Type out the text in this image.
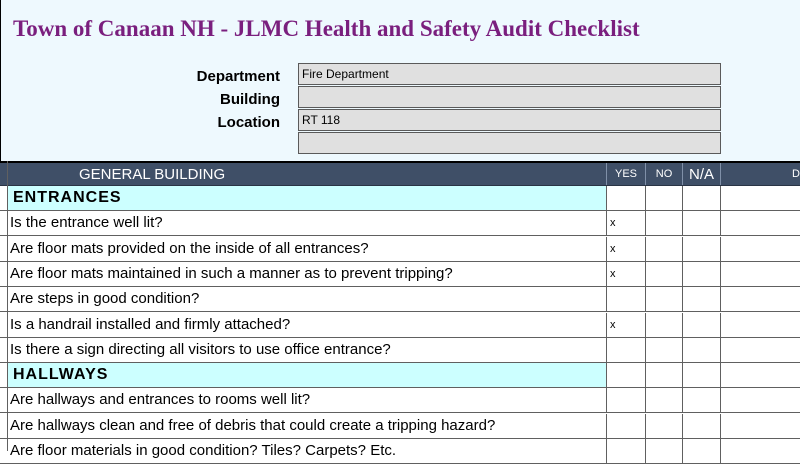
Town of Canaan NH - JLMC Health and Safety Audit Checklist
Department	Fire Department
Building
Location	RT 118
GENERAL BUILDING	YES	NO	N/A	D
ENTRANCES
Is the entrance well lit?	x
Are floor mats provided on the inside of all entrances?	x
Are floor mats maintained in such a manner as to prevent tripping?	x
Are steps in good condition?
Is a handrail installed and firmly attached?	x
Is there a sign directing all visitors to use office entrance?
HALLWAYS
Are hallways and entrances to rooms well lit?
Are hallways clean and free of debris that could create a tripping hazard?
Are floor materials in good condition? Tiles? Carpets? Etc.
